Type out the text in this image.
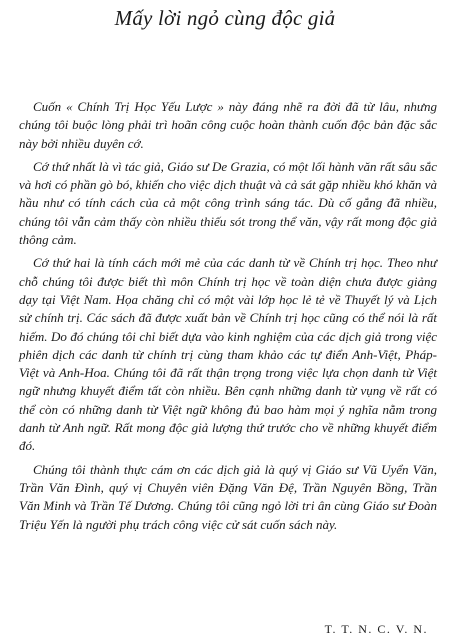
Mấy lời ngỏ cùng độc giả

Cuốn « Chính Trị Học Yếu Lược » này đáng nhẽ ra đời đã từ lâu, nhưng chúng tôi buộc lòng phải trì hoãn công cuộc hoàn thành cuốn độc bản đặc sắc này bởi nhiều duyên cớ.

Cớ thứ nhất là vì tác giả, Giáo sư De Grazia, có một lối hành văn rất sâu sắc và hơi có phần gò bó, khiến cho việc dịch thuật và cả sát gặp nhiều khó khăn và hầu như có tính cách của cả một công trình sáng tác. Dù cố gắng đã nhiều, chúng tôi vẫn cảm thấy còn nhiều thiếu sót trong thể văn, vậy rất mong độc giả thông cảm.

Cớ thứ hai là tính cách mới mẻ của các danh từ về Chính trị học. Theo như chỗ chúng tôi được biết thì môn Chính trị học về toàn diện chưa được giảng dạy tại Việt Nam. Họa chăng chỉ có một vài lớp học lẻ tẻ về Thuyết lý và Lịch sử chính trị. Các sách đã được xuất bản về Chính trị học cũng có thể nói là rất hiếm. Do đó chúng tôi chỉ biết dựa vào kinh nghiệm của các dịch giả trong việc phiên dịch các danh từ chính trị cùng tham khảo các tự điển Anh-Việt, Pháp-Việt và Anh-Hoa. Chúng tôi đã rất thận trọng trong việc lựa chọn danh từ Việt ngữ nhưng khuyết điểm tất còn nhiều. Bên cạnh những danh từ vụng về rất có thể còn có những danh từ Việt ngữ không đủ bao hàm mọi ý nghĩa nằm trong danh từ Anh ngữ. Rất mong độc giả lượng thứ trước cho về những khuyết điểm đó.

Chúng tôi thành thực cám ơn các dịch giả là quý vị Giáo sư Vũ Uyển Văn, Trần Văn Đình, quý vị Chuyên viên Đặng Văn Đệ, Trần Nguyên Bồng, Trần Văn Minh và Trần Tế Dương. Chúng tôi cũng ngỏ lời tri ân cùng Giáo sư Đoàn Triệu Yến là người phụ trách công việc cử sát cuốn sách này.

T. T. N. C. V. N.
